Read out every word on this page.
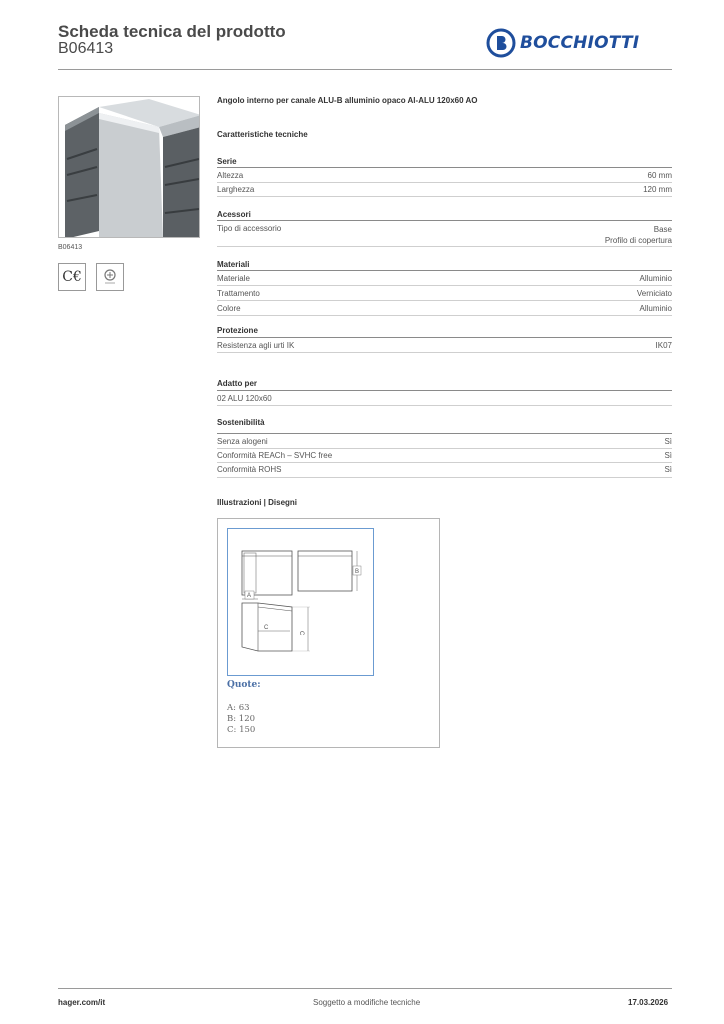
Scheda tecnica del prodotto
B06413	BOCCHIOTTI
B06413
C€
Angolo interno per canale ALU-B alluminio opaco Al-ALU 120x60 AO
Caratteristiche tecniche
Serie
Altezza	60 mm
Larghezza	120 mm
Acessori
Tipo di accessorio	Base
Profilo di copertura
Materiali
Materiale	Alluminio
Trattamento	Verniciato
Colore	Alluminio
Protezione
Resistenza agli urti IK	IK07
Adatto per
02 ALU 120x60
Sostenibilità
Senza alogeni	Sì
Conformità REACh – SVHC free	Sì
Conformità ROHS	Sì
Illustrazioni | Disegni
A
B
C
C
Quote:
A: 63
B: 120
C: 150
hager.com/it	Soggetto a modifiche tecniche	17.03.2026
